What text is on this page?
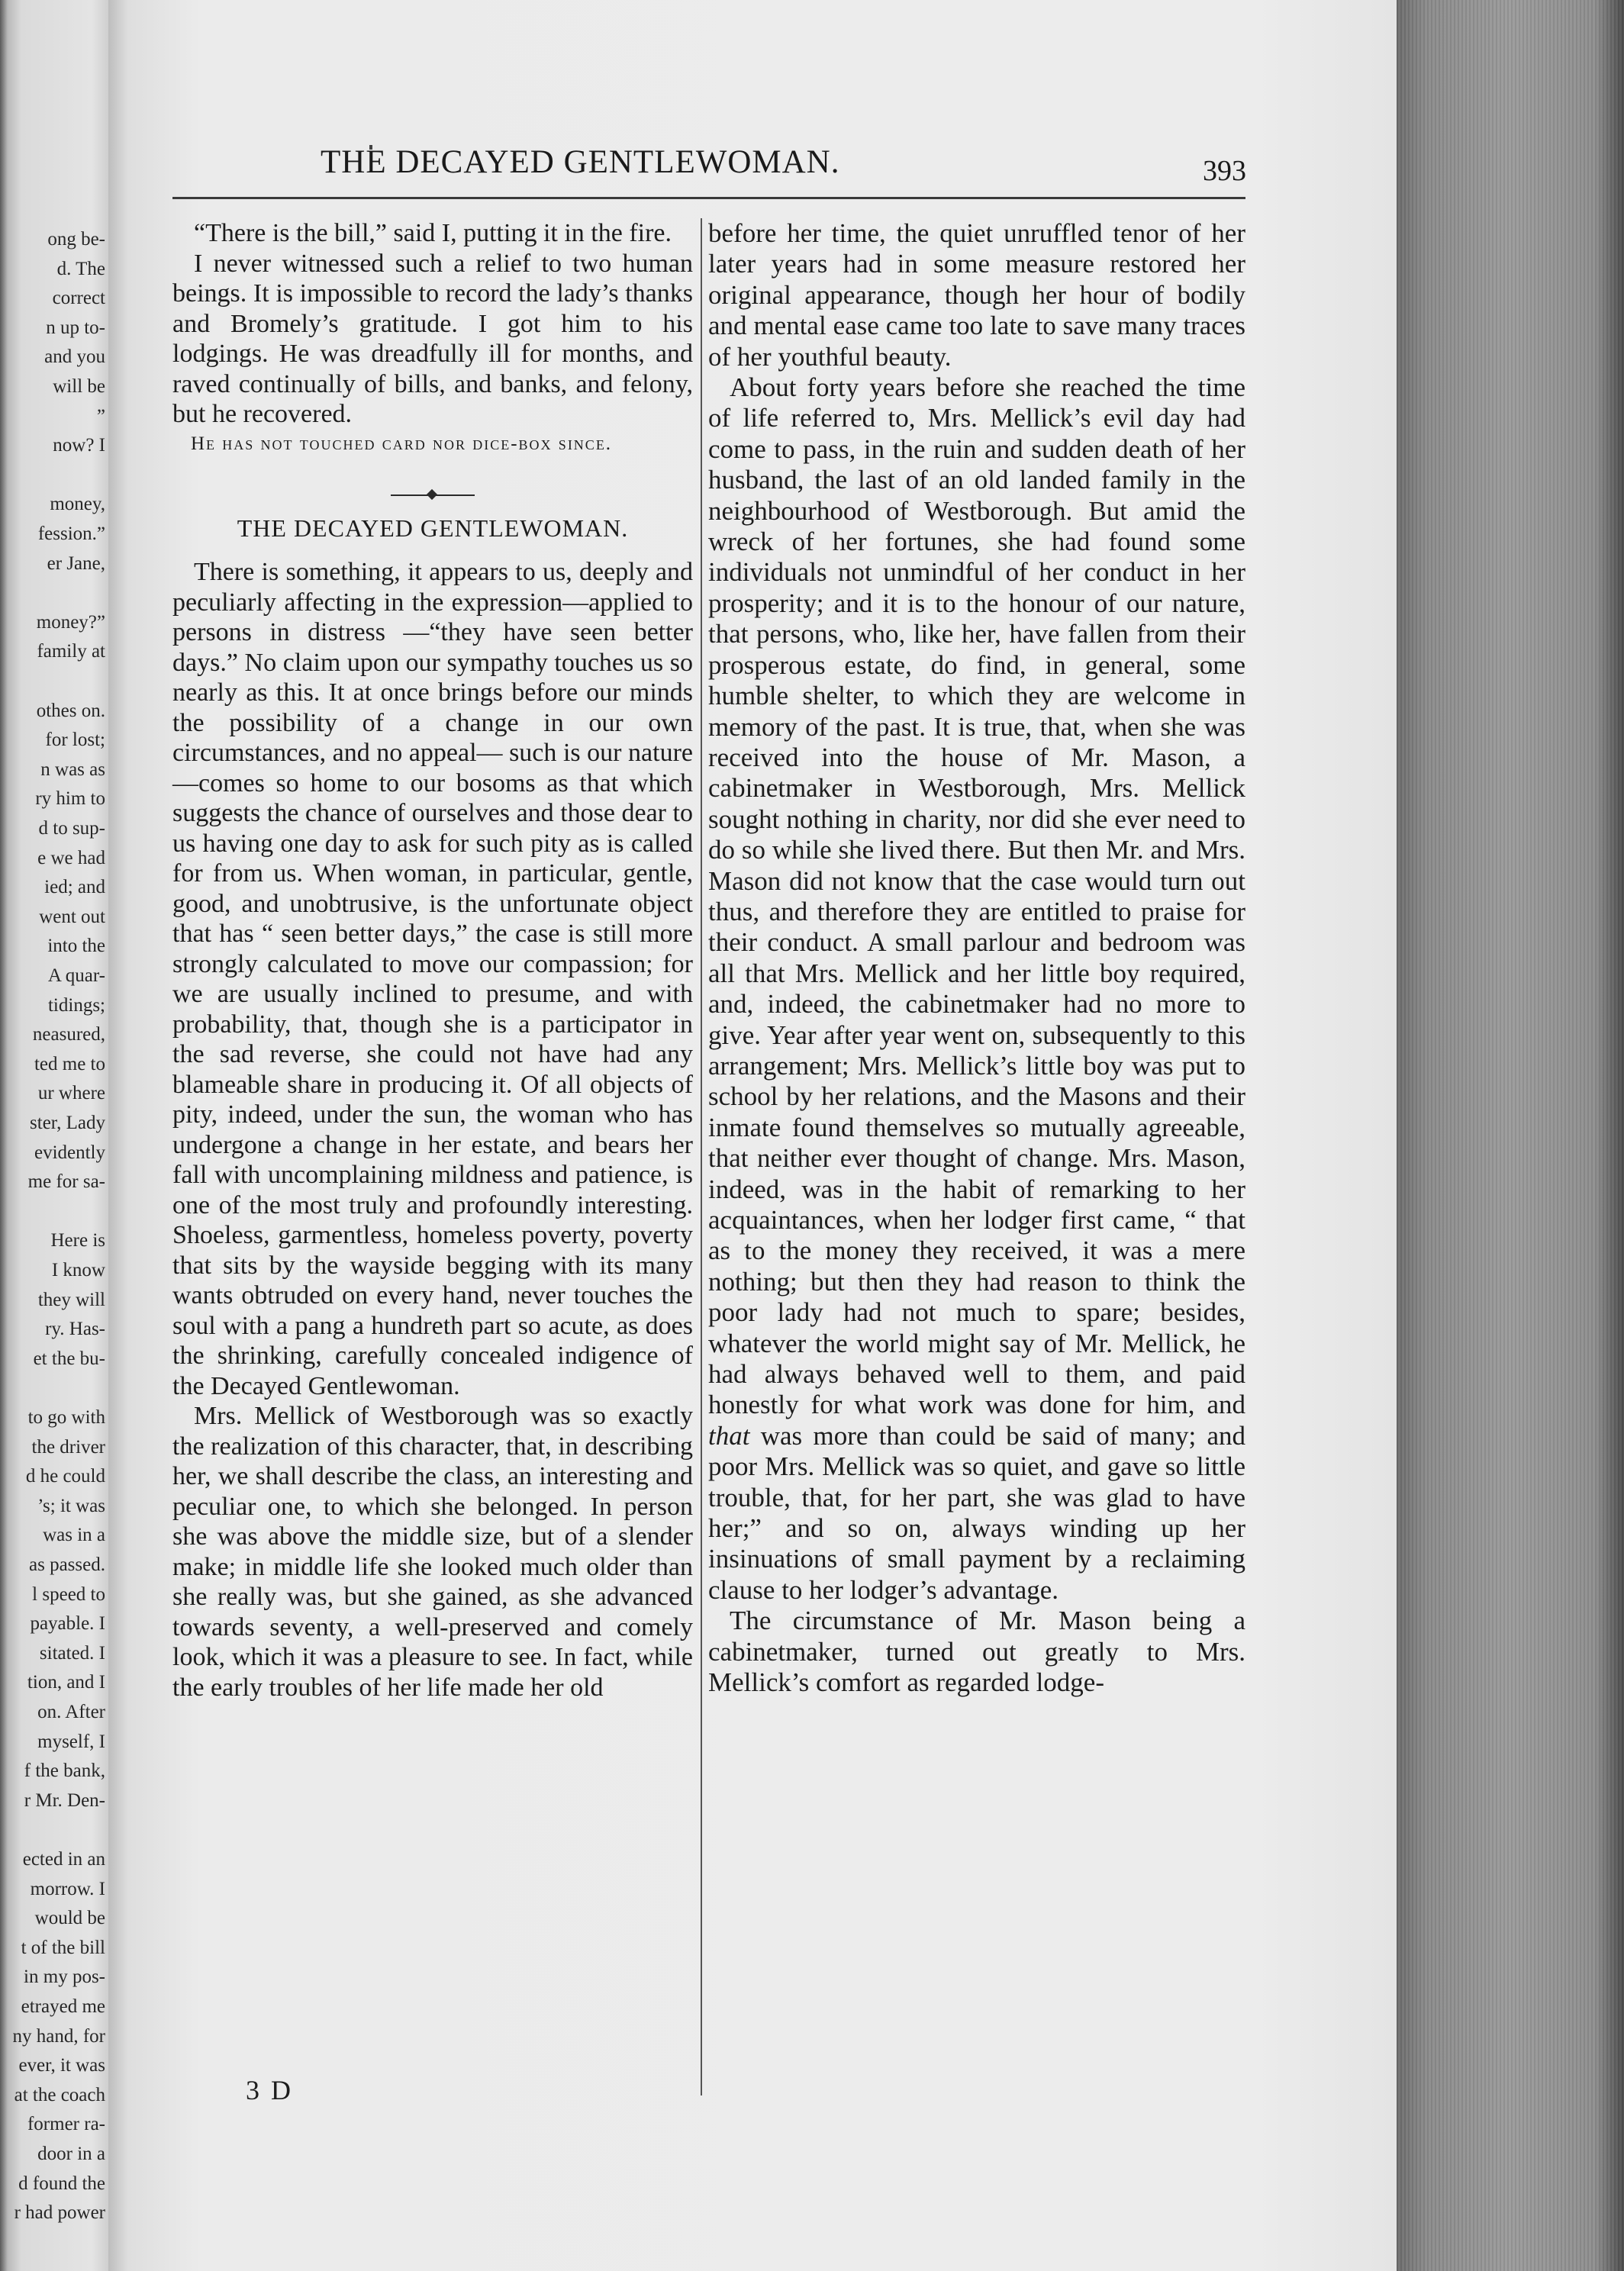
ong be-
d. The
correct
n up to-
and you
will be
”
now? I
money,
fession.”
er Jane,
money?”
family at
othes on.
for lost;
n was as
ry him to
d to sup-
e we had
ied; and
went out
into the
A quar-
tidings;
neasured,
ted me to
ur where
ster, Lady
evidently
me for sa-
Here is
I know
they will
ry. Has-
et the bu-
to go with
the driver
d he could
’s; it was
was in a
as passed.
l speed to
payable. I
sitated. I
tion, and I
on. After
myself, I
f the bank,
r Mr. Den-
ected in an
morrow. I
would be
t of the bill
in my pos-
etrayed me
ny hand, for
ever, it was
at the coach
former ra-
door in a
d found the
r had power
THE DECAYED GENTLEWOMAN.	393

“There is the bill,” said I, putting it in the fire.

I never witnessed such a relief to two human beings. It is impossible to record the lady’s thanks and Bromely’s gratitude. I got him to his lodgings. He was dreadfully ill for months, and raved continually of bills, and banks, and felony, but he recovered.

He has not touched card nor dice-box since.

THE DECAYED GENTLEWOMAN.

There is something, it appears to us, deeply and peculiarly affecting in the expression—applied to persons in distress —“they have seen better days.” No claim upon our sympathy touches us so nearly as this. It at once brings before our minds the possibility of a change in our own circumstances, and no appeal— such is our nature—comes so home to our bosoms as that which suggests the chance of ourselves and those dear to us having one day to ask for such pity as is called for from us. When woman, in particular, gentle, good, and unobtrusive, is the unfortunate object that has “ seen better days,” the case is still more strongly calculated to move our compassion; for we are usually inclined to presume, and with probability, that, though she is a participator in the sad reverse, she could not have had any blameable share in producing it. Of all objects of pity, indeed, under the sun, the woman who has undergone a change in her estate, and bears her fall with uncomplaining mildness and patience, is one of the most truly and profoundly interesting. Shoeless, garmentless, homeless poverty, poverty that sits by the wayside begging with its many wants obtruded on every hand, never touches the soul with a pang a hundreth part so acute, as does the shrinking, carefully concealed indigence of the Decayed Gentlewoman.

Mrs. Mellick of Westborough was so exactly the realization of this character, that, in describing her, we shall describe the class, an interesting and peculiar one, to which she belonged. In person she was above the middle size, but of a slender make; in middle life she looked much older than she really was, but she gained, as she advanced towards seventy, a well-preserved and comely look, which it was a pleasure to see. In fact, while the early troubles of her life made her old

before her time, the quiet unruffled tenor of her later years had in some measure restored her original appearance, though her hour of bodily and mental ease came too late to save many traces of her youthful beauty.

About forty years before she reached the time of life referred to, Mrs. Mellick’s evil day had come to pass, in the ruin and sudden death of her husband, the last of an old landed family in the neighbourhood of Westborough. But amid the wreck of her fortunes, she had found some individuals not unmindful of her conduct in her prosperity; and it is to the honour of our nature, that persons, who, like her, have fallen from their prosperous estate, do find, in general, some humble shelter, to which they are welcome in memory of the past. It is true, that, when she was received into the house of Mr. Mason, a cabinetmaker in Westborough, Mrs. Mellick sought nothing in charity, nor did she ever need to do so while she lived there. But then Mr. and Mrs. Mason did not know that the case would turn out thus, and therefore they are entitled to praise for their conduct. A small parlour and bedroom was all that Mrs. Mellick and her little boy required, and, indeed, the cabinetmaker had no more to give. Year after year went on, subsequently to this arrangement; Mrs. Mellick’s little boy was put to school by her relations, and the Masons and their inmate found themselves so mutually agreeable, that neither ever thought of change. Mrs. Mason, indeed, was in the habit of remarking to her acquaintances, when her lodger first came, “ that as to the money they received, it was a mere nothing; but then they had reason to think the poor lady had not much to spare; besides, whatever the world might say of Mr. Mellick, he had always behaved well to them, and paid honestly for what work was done for him, and that was more than could be said of many; and poor Mrs. Mellick was so quiet, and gave so little trouble, that, for her part, she was glad to have her;” and so on, always winding up her insinuations of small payment by a reclaiming clause to her lodger’s advantage.

The circumstance of Mr. Mason being a cabinetmaker, turned out greatly to Mrs. Mellick’s comfort as regarded lodge-

3 D
